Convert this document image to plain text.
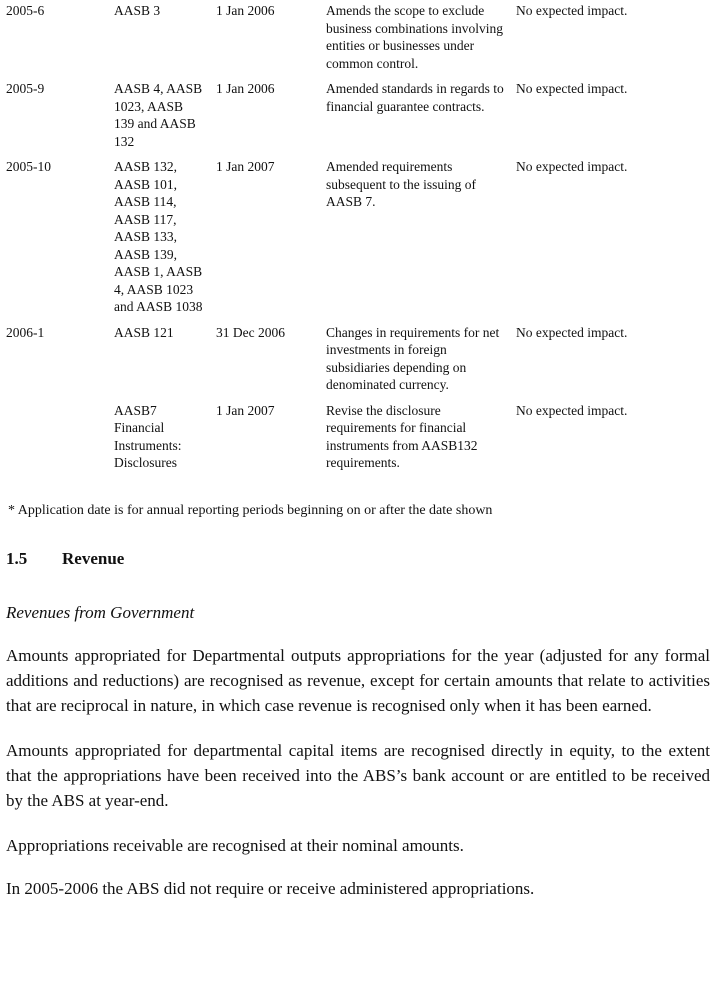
2005-6	AASB 3	1 Jan 2006	Amends the scope to exclude business combinations involving entities or businesses under common control.	No expected impact.
2005-9	AASB 4, AASB 1023, AASB 139 and AASB 132	1 Jan 2006	Amended standards in regards to financial guarantee contracts.	No expected impact.
2005-10	AASB 132, AASB 101, AASB 114, AASB 117, AASB 133, AASB 139, AASB 1, AASB 4, AASB 1023 and AASB 1038	1 Jan 2007	Amended requirements subsequent to the issuing of AASB 7.	No expected impact.
2006-1	AASB 121	31 Dec 2006	Changes in requirements for net investments in foreign subsidiaries depending on denominated currency.	No expected impact.
	AASB7 Financial Instruments: Disclosures	1 Jan 2007	Revise the disclosure requirements for financial instruments from AASB132 requirements.	No expected impact.

* Application date is for annual reporting periods beginning on or after the date shown

1.5 Revenue

Revenues from Government

Amounts appropriated for Departmental outputs appropriations for the year (adjusted for any formal additions and reductions) are recognised as revenue, except for certain amounts that relate to activities that are reciprocal in nature, in which case revenue is recognised only when it has been earned.

Amounts appropriated for departmental capital items are recognised directly in equity, to the extent that the appropriations have been received into the ABS’s bank account or are entitled to be received by the ABS at year-end.

Appropriations receivable are recognised at their nominal amounts.

In 2005-2006 the ABS did not require or receive administered appropriations.
